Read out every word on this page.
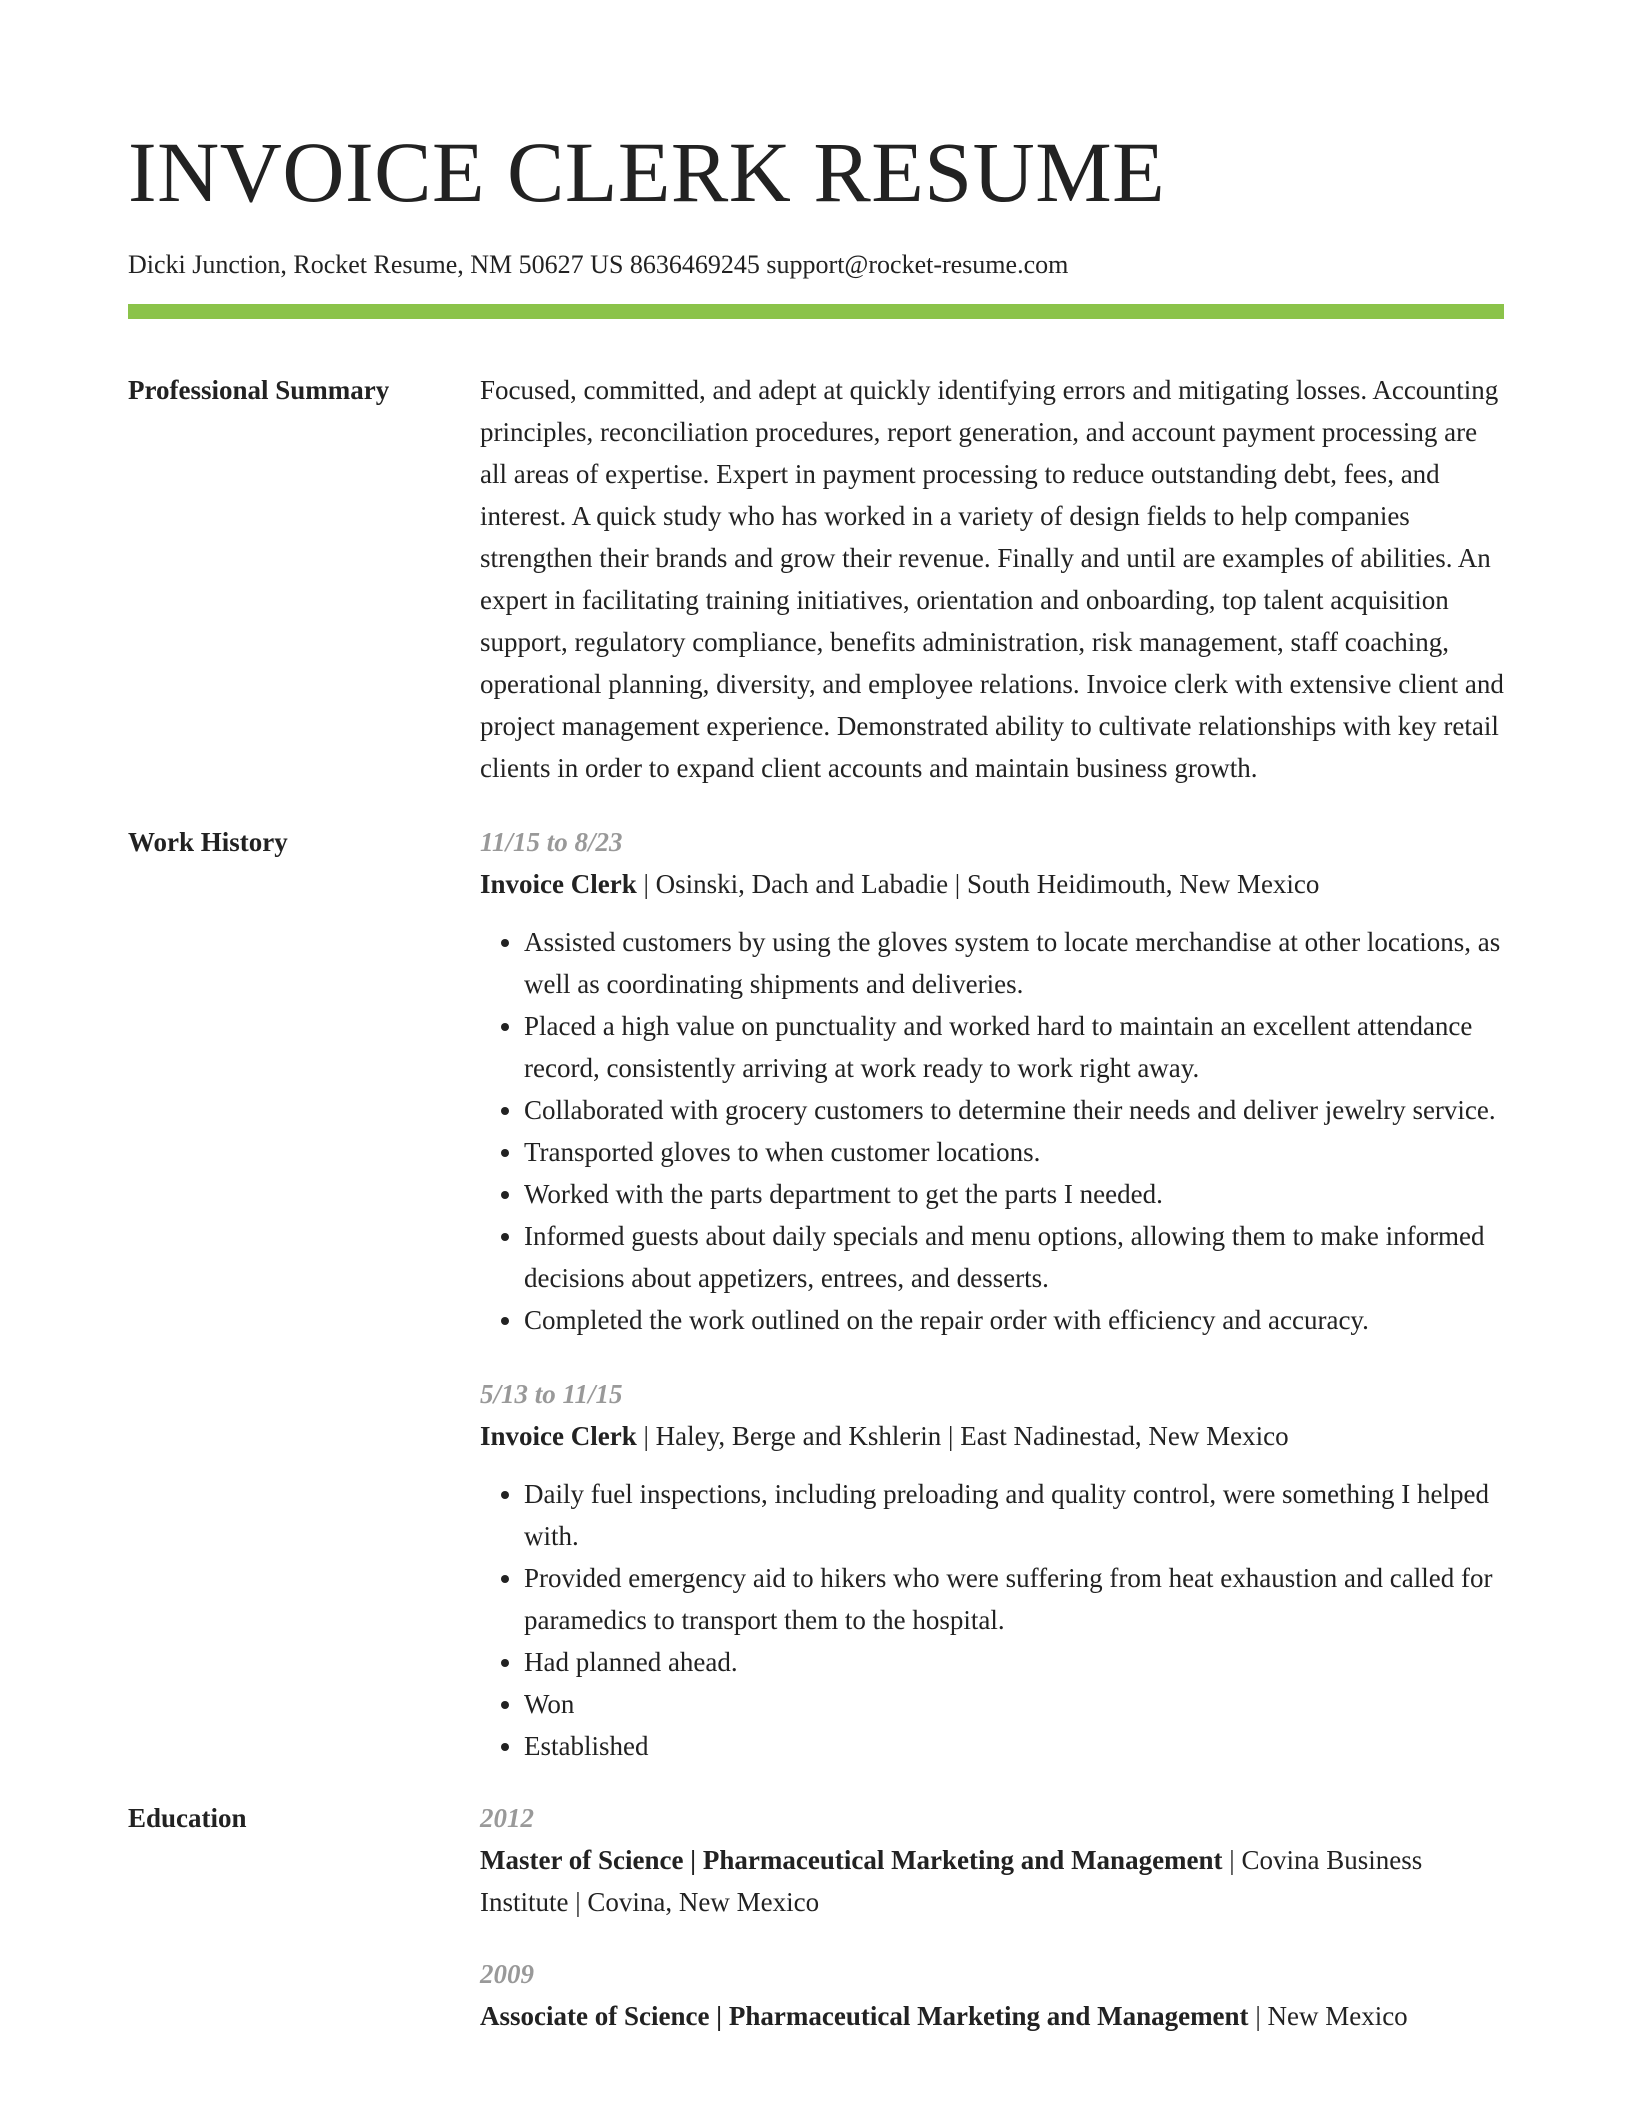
INVOICE CLERK RESUME
Dicki Junction, Rocket Resume, NM 50627 US 8636469245 support@rocket-resume.com
Professional Summary	Focused, committed, and adept at quickly identifying errors and mitigating losses. Accounting principles, reconciliation procedures, report generation, and account payment processing are all areas of expertise. Expert in payment processing to reduce outstanding debt, fees, and interest. A quick study who has worked in a variety of design fields to help companies strengthen their brands and grow their revenue. Finally and until are examples of abilities. An expert in facilitating training initiatives, orientation and onboarding, top talent acquisition support, regulatory compliance, benefits administration, risk management, staff coaching, operational planning, diversity, and employee relations. Invoice clerk with extensive client and project management experience. Demonstrated ability to cultivate relationships with key retail clients in order to expand client accounts and maintain business growth.

Work History	11/15 to 8/23

Invoice Clerk | Osinski, Dach and Labadie | South Heidimouth, New Mexico

• Assisted customers by using the gloves system to locate merchandise at other locations, as well as coordinating shipments and deliveries.
• Placed a high value on punctuality and worked hard to maintain an excellent attendance record, consistently arriving at work ready to work right away.
• Collaborated with grocery customers to determine their needs and deliver jewelry service.
• Transported gloves to when customer locations.
• Worked with the parts department to get the parts I needed.
• Informed guests about daily specials and menu options, allowing them to make informed decisions about appetizers, entrees, and desserts.
• Completed the work outlined on the repair order with efficiency and accuracy.
5/13 to 11/15

Invoice Clerk | Haley, Berge and Kshlerin | East Nadinestad, New Mexico

• Daily fuel inspections, including preloading and quality control, were something I helped with.
• Provided emergency aid to hikers who were suffering from heat exhaustion and called for paramedics to transport them to the hospital.
• Had planned ahead.
• Won
• Established
Education	2012

Master of Science | Pharmaceutical Marketing and Management | Covina Business Institute | Covina, New Mexico

2009

Associate of Science | Pharmaceutical Marketing and Management | New Mexico
